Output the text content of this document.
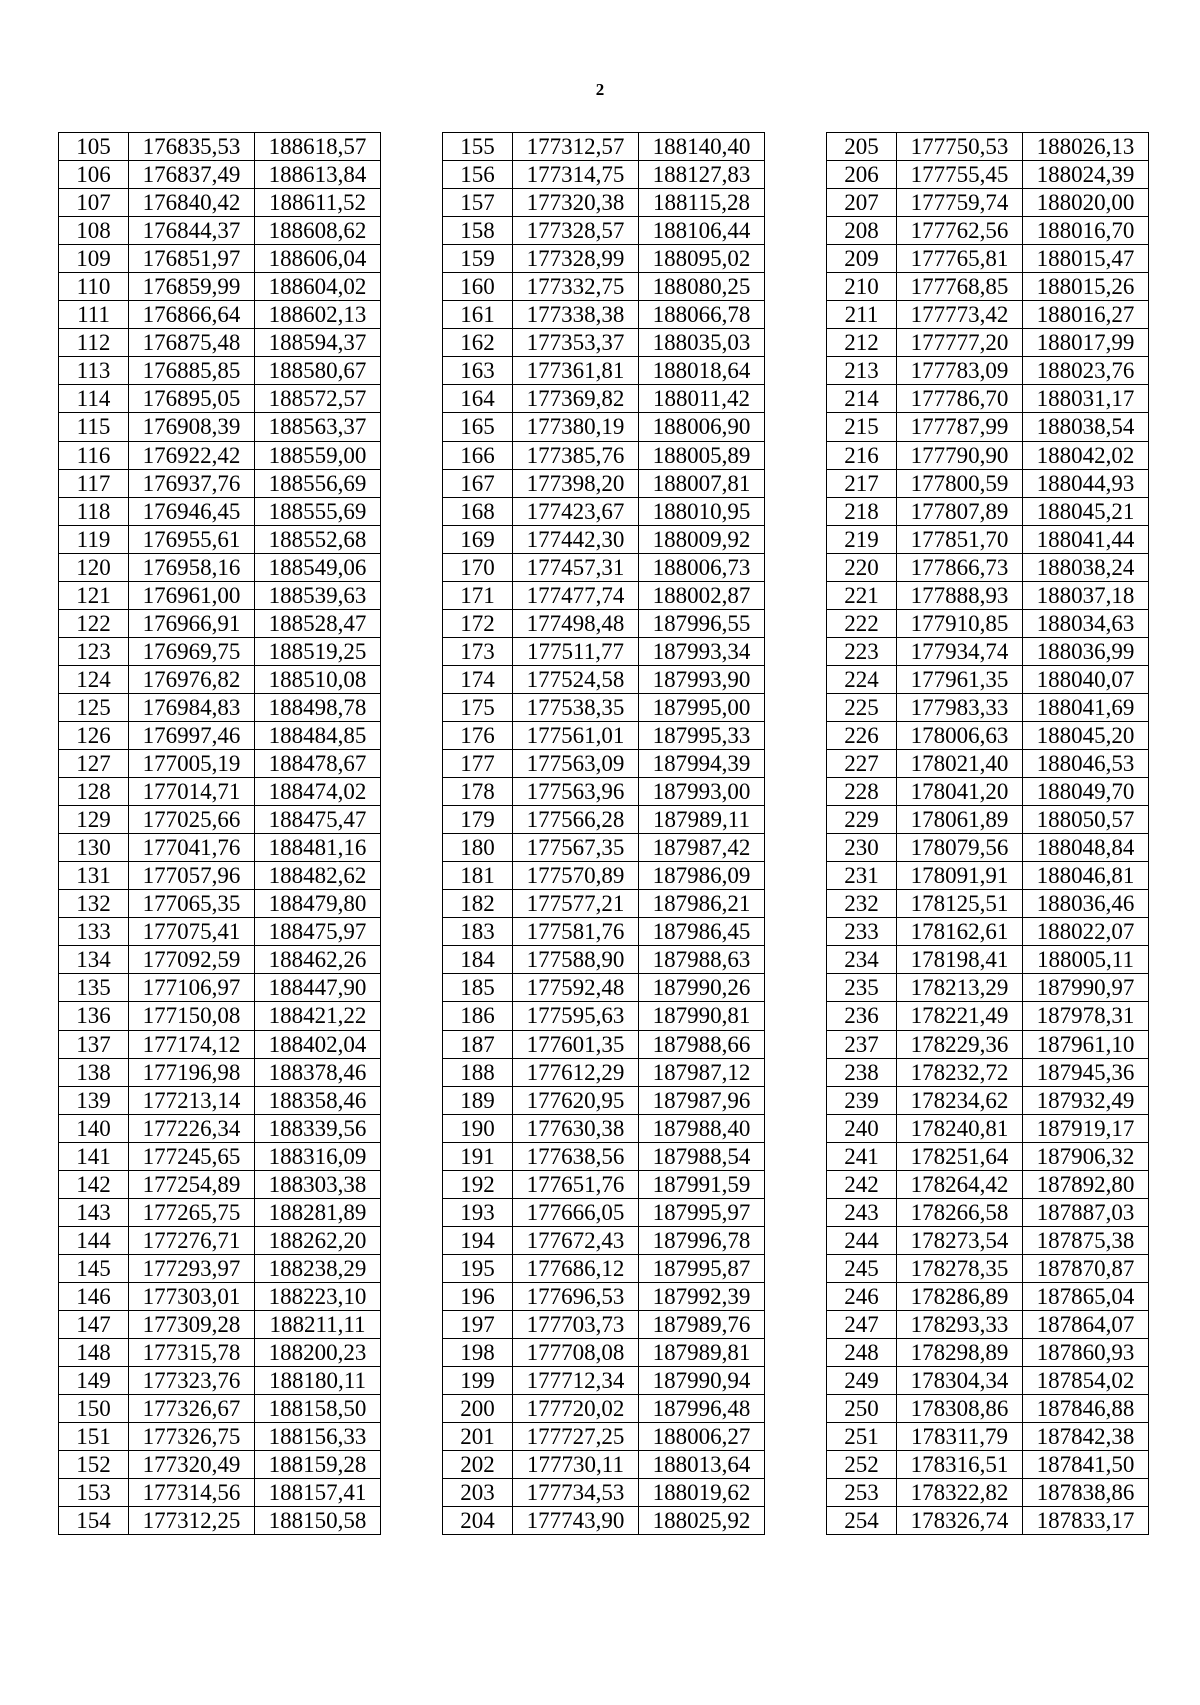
2
105	176835,53	188618,57
106	176837,49	188613,84
107	176840,42	188611,52
108	176844,37	188608,62
109	176851,97	188606,04
110	176859,99	188604,02
111	176866,64	188602,13
112	176875,48	188594,37
113	176885,85	188580,67
114	176895,05	188572,57
115	176908,39	188563,37
116	176922,42	188559,00
117	176937,76	188556,69
118	176946,45	188555,69
119	176955,61	188552,68
120	176958,16	188549,06
121	176961,00	188539,63
122	176966,91	188528,47
123	176969,75	188519,25
124	176976,82	188510,08
125	176984,83	188498,78
126	176997,46	188484,85
127	177005,19	188478,67
128	177014,71	188474,02
129	177025,66	188475,47
130	177041,76	188481,16
131	177057,96	188482,62
132	177065,35	188479,80
133	177075,41	188475,97
134	177092,59	188462,26
135	177106,97	188447,90
136	177150,08	188421,22
137	177174,12	188402,04
138	177196,98	188378,46
139	177213,14	188358,46
140	177226,34	188339,56
141	177245,65	188316,09
142	177254,89	188303,38
143	177265,75	188281,89
144	177276,71	188262,20
145	177293,97	188238,29
146	177303,01	188223,10
147	177309,28	188211,11
148	177315,78	188200,23
149	177323,76	188180,11
150	177326,67	188158,50
151	177326,75	188156,33
152	177320,49	188159,28
153	177314,56	188157,41
154	177312,25	188150,58
155	177312,57	188140,40
156	177314,75	188127,83
157	177320,38	188115,28
158	177328,57	188106,44
159	177328,99	188095,02
160	177332,75	188080,25
161	177338,38	188066,78
162	177353,37	188035,03
163	177361,81	188018,64
164	177369,82	188011,42
165	177380,19	188006,90
166	177385,76	188005,89
167	177398,20	188007,81
168	177423,67	188010,95
169	177442,30	188009,92
170	177457,31	188006,73
171	177477,74	188002,87
172	177498,48	187996,55
173	177511,77	187993,34
174	177524,58	187993,90
175	177538,35	187995,00
176	177561,01	187995,33
177	177563,09	187994,39
178	177563,96	187993,00
179	177566,28	187989,11
180	177567,35	187987,42
181	177570,89	187986,09
182	177577,21	187986,21
183	177581,76	187986,45
184	177588,90	187988,63
185	177592,48	187990,26
186	177595,63	187990,81
187	177601,35	187988,66
188	177612,29	187987,12
189	177620,95	187987,96
190	177630,38	187988,40
191	177638,56	187988,54
192	177651,76	187991,59
193	177666,05	187995,97
194	177672,43	187996,78
195	177686,12	187995,87
196	177696,53	187992,39
197	177703,73	187989,76
198	177708,08	187989,81
199	177712,34	187990,94
200	177720,02	187996,48
201	177727,25	188006,27
202	177730,11	188013,64
203	177734,53	188019,62
204	177743,90	188025,92
205	177750,53	188026,13
206	177755,45	188024,39
207	177759,74	188020,00
208	177762,56	188016,70
209	177765,81	188015,47
210	177768,85	188015,26
211	177773,42	188016,27
212	177777,20	188017,99
213	177783,09	188023,76
214	177786,70	188031,17
215	177787,99	188038,54
216	177790,90	188042,02
217	177800,59	188044,93
218	177807,89	188045,21
219	177851,70	188041,44
220	177866,73	188038,24
221	177888,93	188037,18
222	177910,85	188034,63
223	177934,74	188036,99
224	177961,35	188040,07
225	177983,33	188041,69
226	178006,63	188045,20
227	178021,40	188046,53
228	178041,20	188049,70
229	178061,89	188050,57
230	178079,56	188048,84
231	178091,91	188046,81
232	178125,51	188036,46
233	178162,61	188022,07
234	178198,41	188005,11
235	178213,29	187990,97
236	178221,49	187978,31
237	178229,36	187961,10
238	178232,72	187945,36
239	178234,62	187932,49
240	178240,81	187919,17
241	178251,64	187906,32
242	178264,42	187892,80
243	178266,58	187887,03
244	178273,54	187875,38
245	178278,35	187870,87
246	178286,89	187865,04
247	178293,33	187864,07
248	178298,89	187860,93
249	178304,34	187854,02
250	178308,86	187846,88
251	178311,79	187842,38
252	178316,51	187841,50
253	178322,82	187838,86
254	178326,74	187833,17
